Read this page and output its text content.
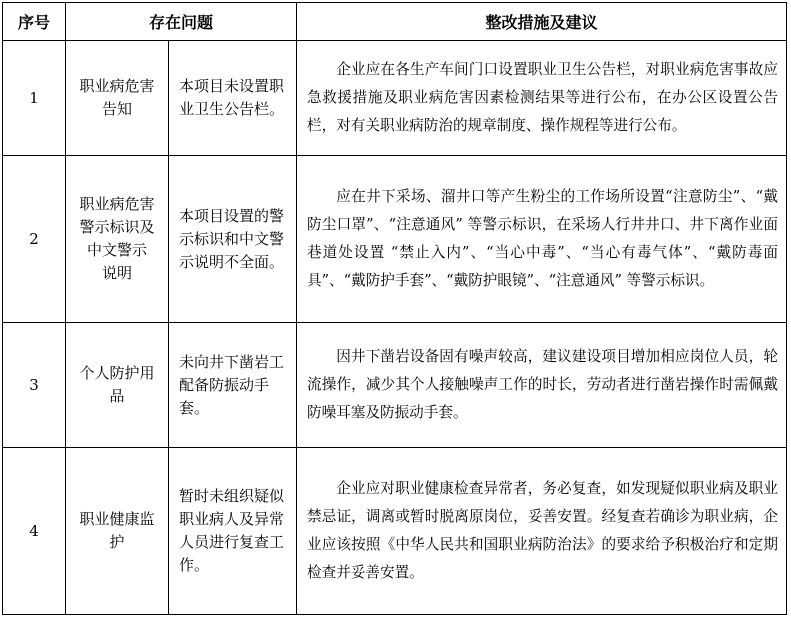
序号	存在问题		整改措施及建议
1	职业病危害告知	本项目未设置职业卫生公告栏。	企业应在各生产车间门口设置职业卫生公告栏，对职业病危害事故应急救援措施及职业病危害因素检测结果等进行公布，在办公区设置公告栏，对有关职业病防治的规章制度、操作规程等进行公布。

2	职业病危害警示标识及中文警示 说明	本项目设置的警示标识和中文警示说明不全面。	应在井下采场、溜井口等产生粉尘的工作场所设置“注意防尘”、“戴防尘口罩”、“注意通风” 等警示标识，在采场人行井井口、井下离作业面巷道处设置 “禁止入内”、“当心中毒”、“当心有毒气体”、“戴防毒面具”、“戴防护手套”、“戴防护眼镜”、“注意通风” 等警示标识。

3	个人防护用品	未向井下凿岩工配备防振动手套。	因井下凿岩设备固有噪声较高，建议建设项目增加相应岗位人员，轮流操作，减少其个人接触噪声工作的时长，劳动者进行凿岩操作时需佩戴防噪耳塞及防振动手套。

4	职业健康监护	暂时未组织疑似职业病人及异常人员进行复查工作。	企业应对职业健康检查异常者，务必复查，如发现疑似职业病及职业禁忌证，调离或暂时脱离原岗位，妥善安置。经复查若确诊为职业病，企业应该按照《中华人民共和国职业病防治法》的要求给予积极治疗和定期检查并妥善安置。
